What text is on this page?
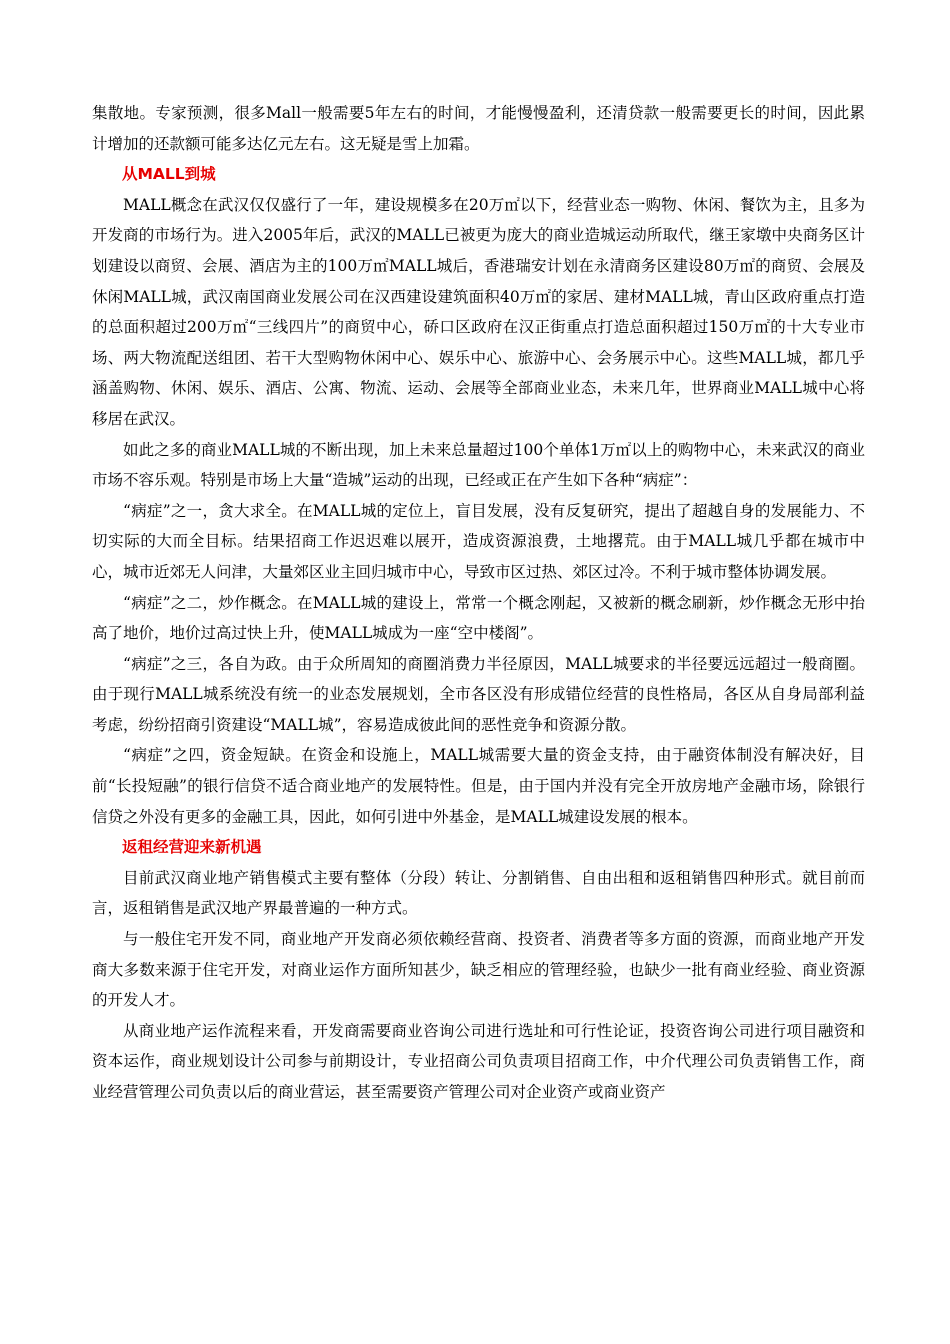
集散地。专家预测，很多Mall一般需要5年左右的时间，才能慢慢盈利，还清贷款一般需要更长的时间，因此累计增加的还款额可能多达亿元左右。这无疑是雪上加霜。

从MALL到城

MALL概念在武汉仅仅盛行了一年，建设规模多在20万㎡以下，经营业态一购物、休闲、餐饮为主，且多为开发商的市场行为。进入2005年后，武汉的MALL已被更为庞大的商业造城运动所取代，继王家墩中央商务区计划建设以商贸、会展、酒店为主的100万㎡MALL城后，香港瑞安计划在永清商务区建设80万㎡的商贸、会展及休闲MALL城，武汉南国商业发展公司在汉西建设建筑面积40万㎡的家居、建材MALL城，青山区政府重点打造的总面积超过200万㎡“三线四片”的商贸中心，硚口区政府在汉正街重点打造总面积超过150万㎡的十大专业市场、两大物流配送组团、若干大型购物休闲中心、娱乐中心、旅游中心、会务展示中心。这些MALL城，都几乎涵盖购物、休闲、娱乐、酒店、公寓、物流、运动、会展等全部商业业态，未来几年，世界商业MALL城中心将移居在武汉。

如此之多的商业MALL城的不断出现，加上未来总量超过100个单体1万㎡以上的购物中心，未来武汉的商业市场不容乐观。特别是市场上大量“造城”运动的出现，已经或正在产生如下各种“病症”：

“病症”之一，贪大求全。在MALL城的定位上，盲目发展，没有反复研究，提出了超越自身的发展能力、不切实际的大而全目标。结果招商工作迟迟难以展开，造成资源浪费，土地撂荒。由于MALL城几乎都在城市中心，城市近郊无人问津，大量郊区业主回归城市中心，导致市区过热、郊区过冷。不利于城市整体协调发展。

“病症”之二，炒作概念。在MALL城的建设上，常常一个概念刚起，又被新的概念刷新，炒作概念无形中抬高了地价，地价过高过快上升，使MALL城成为一座“空中楼阁”。

“病症”之三，各自为政。由于众所周知的商圈消费力半径原因，MALL城要求的半径要远远超过一般商圈。由于现行MALL城系统没有统一的业态发展规划，全市各区没有形成错位经营的良性格局，各区从自身局部利益考虑，纷纷招商引资建设“MALL城”，容易造成彼此间的恶性竞争和资源分散。

“病症”之四，资金短缺。在资金和设施上，MALL城需要大量的资金支持，由于融资体制没有解决好，目前“长投短融”的银行信贷不适合商业地产的发展特性。但是，由于国内并没有完全开放房地产金融市场，除银行信贷之外没有更多的金融工具，因此，如何引进中外基金，是MALL城建设发展的根本。

返租经营迎来新机遇

目前武汉商业地产销售模式主要有整体（分段）转让、分割销售、自由出租和返租销售四种形式。就目前而言，返租销售是武汉地产界最普遍的一种方式。

与一般住宅开发不同，商业地产开发商必须依赖经营商、投资者、消费者等多方面的资源，而商业地产开发商大多数来源于住宅开发，对商业运作方面所知甚少，缺乏相应的管理经验，也缺少一批有商业经验、商业资源的开发人才。

从商业地产运作流程来看，开发商需要商业咨询公司进行选址和可行性论证，投资咨询公司进行项目融资和资本运作，商业规划设计公司参与前期设计，专业招商公司负责项目招商工作，中介代理公司负责销售工作，商业经营管理公司负责以后的商业营运，甚至需要资产管理公司对企业资产或商业资产
